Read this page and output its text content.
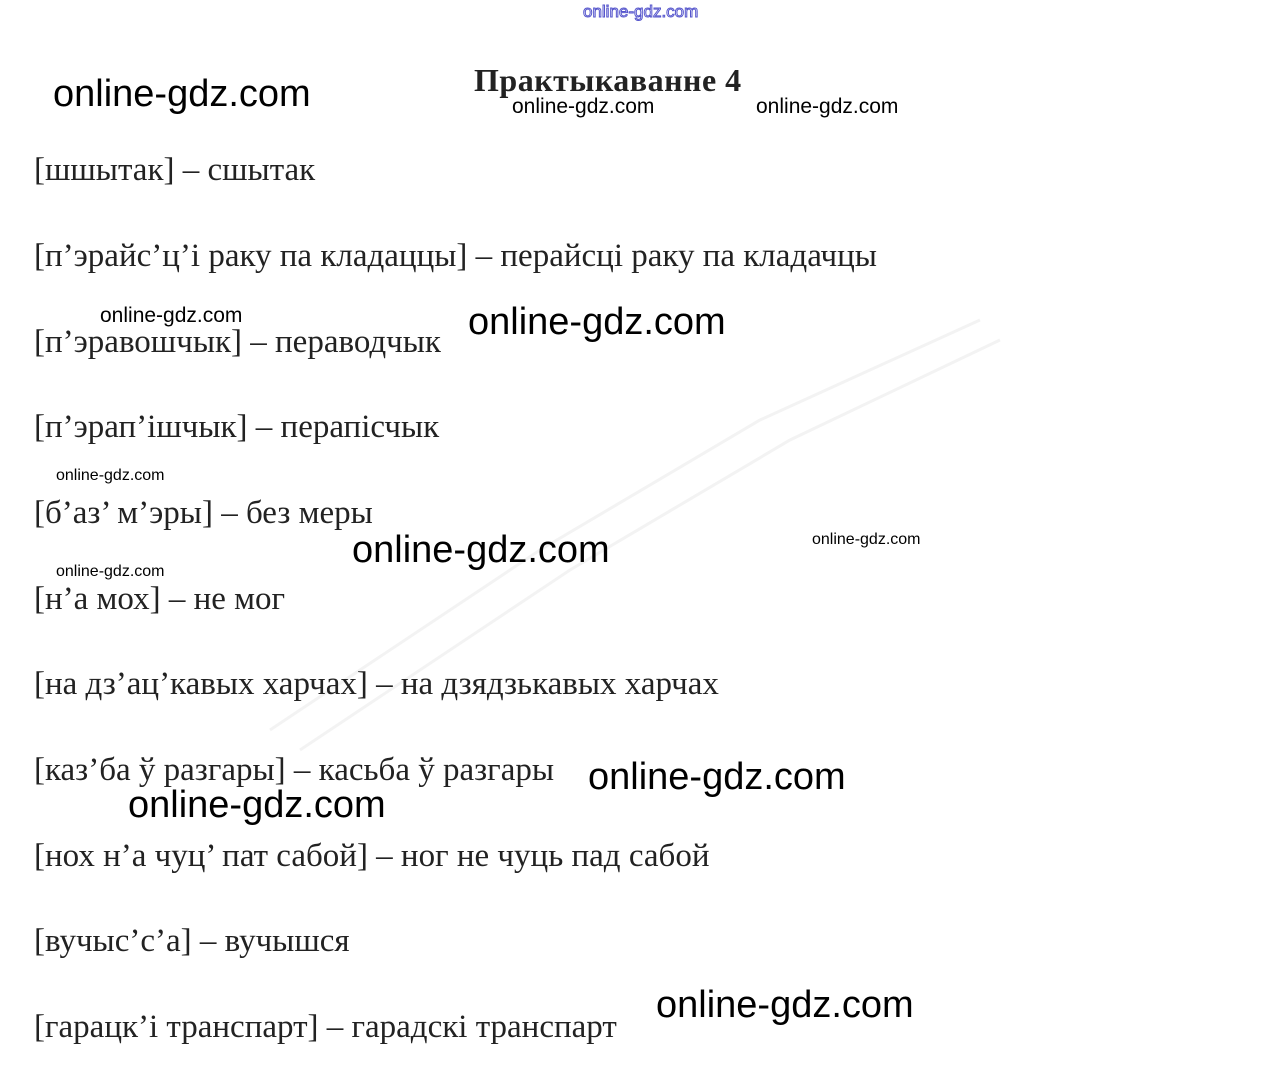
online-gdz.com
Практыкаванне 4
[шшытак] – сшытак
[п’эрайс’ц’і раку па кладаццы] – перайсці раку па кладачцы
[п’эравошчык] – пераводчык
[п’эрап’ішчык] – перапісчык
[б’аз’ м’эры] – без меры
[н’а мох] – не мог
[на дз’ац’кавых харчах] – на дзядзькавых харчах
[каз’ба ў разгары] – касьба ў разгары
[нох н’а чуц’ пат сабой] – ног не чуць пад сабой
[вучыс’с’а] – вучышся
[гарацк’і транспарт] – гарадскі транспарт
online-gdz.com	online-gdz.com	online-gdz.com
online-gdz.com	online-gdz.com
online-gdz.com
online-gdz.com	online-gdz.com
online-gdz.com
online-gdz.com
online-gdz.com
online-gdz.com
